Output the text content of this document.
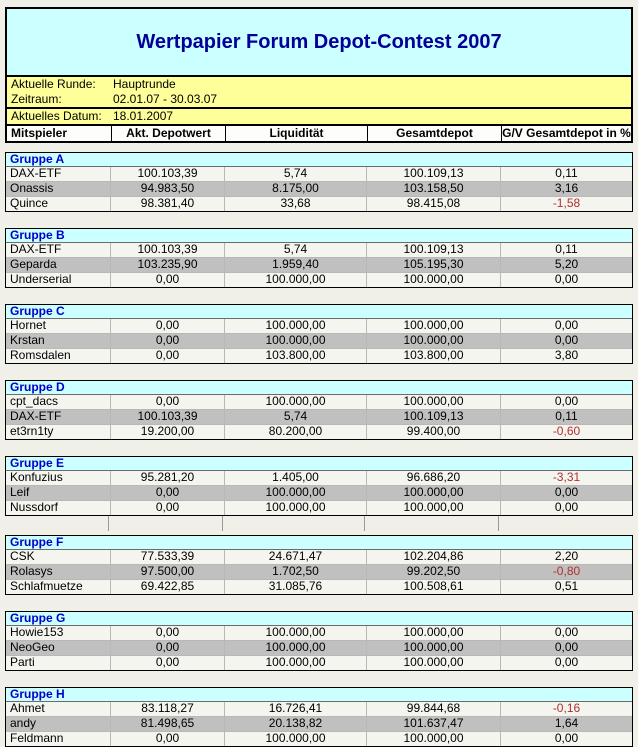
Wertpapier Forum Depot-Contest 2007
Aktuelle Runde:	Hauptrunde
Zeitraum:	02.01.07 - 30.03.07
Aktuelles Datum: 18.01.2007
Mitspieler	Akt. Depotwert	Liquidität	Gesamtdepot	G/V Gesamtdepot in %
Gruppe A
DAX-ETF	100.103,39	5,74	100.109,13	0,11
Onassis	94.983,50	8.175,00	103.158,50	3,16
Quince	98.381,40	33,68	98.415,08	-1,58
Gruppe B
DAX-ETF	100.103,39	5,74	100.109,13	0,11
Geparda	103.235,90	1.959,40	105.195,30	5,20
Underserial	0,00	100.000,00	100.000,00	0,00
Gruppe C
Hornet	0,00	100.000,00	100.000,00	0,00
Krstan	0,00	100.000,00	100.000,00	0,00
Romsdalen	0,00	103.800,00	103.800,00	3,80
Gruppe D
cpt_dacs	0,00	100.000,00	100.000,00	0,00
DAX-ETF	100.103,39	5,74	100.109,13	0,11
et3rn1ty	19.200,00	80.200,00	99.400,00	-0,60
Gruppe E
Konfuzius	95.281,20	1.405,00	96.686,20	-3,31
Leif	0,00	100.000,00	100.000,00	0,00
Nussdorf	0,00	100.000,00	100.000,00	0,00
Gruppe F
CSK	77.533,39	24.671,47	102.204,86	2,20
Rolasys	97.500,00	1.702,50	99.202,50	-0,80
Schlafmuetze	69.422,85	31.085,76	100.508,61	0,51
Gruppe G
Howie153	0,00	100.000,00	100.000,00	0,00
NeoGeo	0,00	100.000,00	100.000,00	0,00
Parti	0,00	100.000,00	100.000,00	0,00
Gruppe H
Ahmet	83.118,27	16.726,41	99.844,68	-0,16
andy	81.498,65	20.138,82	101.637,47	1,64
Feldmann	0,00	100.000,00	100.000,00	0,00
